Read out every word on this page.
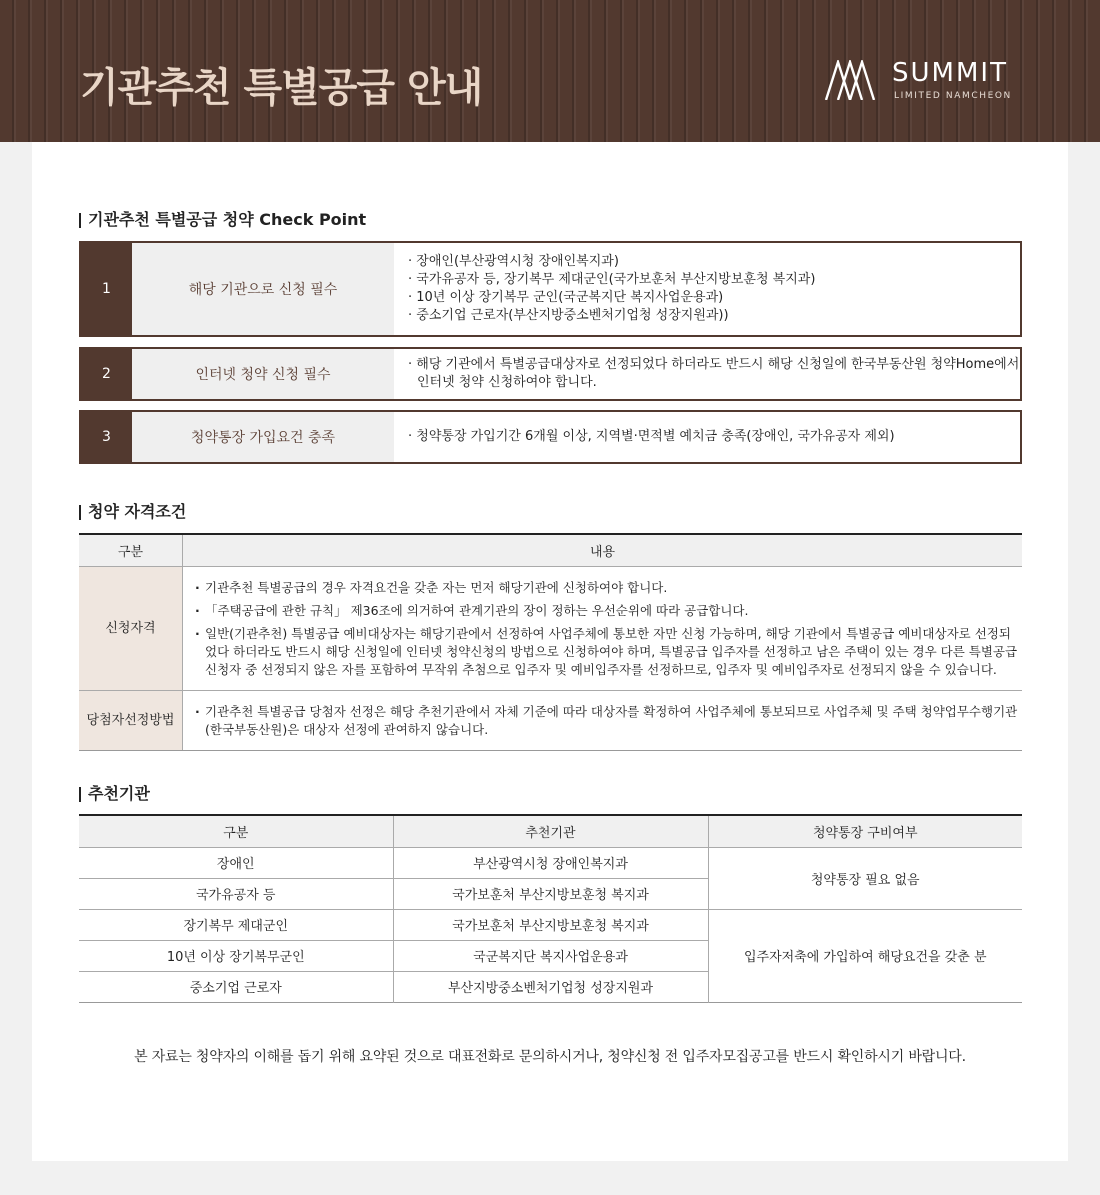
기관추천 특별공급 안내	SUMMIT
LIMITED NAMCHEON
기관추천 특별공급 청약 Check Point
1	해당 기관으로 신청 필수
· 장애인(부산광역시청 장애인복지과)
· 국가유공자 등, 장기복무 제대군인(국가보훈처 부산지방보훈청 복지과)
· 10년 이상 장기복무 군인(국군복지단 복지사업운용과)
· 중소기업 근로자(부산지방중소벤처기업청 성장지원과))
2	인터넷 청약 신청 필수
· 해당 기관에서 특별공급대상자로 선정되었다 하더라도 반드시 해당 신청일에 한국부동산원 청약Home에서
인터넷 청약 신청하여야 합니다.
3	청약통장 가입요건 충족	· 청약통장 가입기간 6개월 이상, 지역별·면적별 예치금 충족(장애인, 국가유공자 제외)
청약 자격조건
구분	내용
신청자격
· 기관추천 특별공급의 경우 자격요건을 갖춘 자는 먼저 해당기관에 신청하여야 합니다.
· 「주택공급에 관한 규칙」 제36조에 의거하여 관계기관의 장이 정하는 우선순위에 따라 공급합니다.
· 일반(기관추천) 특별공급 예비대상자는 해당기관에서 선정하여 사업주체에 통보한 자만 신청 가능하며, 해당 기관에서 특별공급 예비대상자로 선정되었다 하더라도 반드시 해당 신청일에 인터넷 청약신청의 방법으로 신청하여야 하며, 특별공급 입주자를 선정하고 남은 주택이 있는 경우 다른 특별공급 신청자 중 선정되지 않은 자를 포함하여 무작위 추첨으로 입주자 및 예비입주자를 선정하므로, 입주자 및 예비입주자로 선정되지 않을 수 있습니다.
당첨자 선정방법
· 기관추천 특별공급 당첨자 선정은 해당 추천기관에서 자체 기준에 따라 대상자를 확정하여 사업주체에 통보되므로 사업주체 및 주택 청약업무수행기관(한국부동산원)은 대상자 선정에 관여하지 않습니다.
추천기관
구분	추천기관	청약통장 구비여부
장애인	부산광역시청 장애인복지과	청약통장 필요 없음
국가유공자 등	국가보훈처 부산지방보훈청 복지과	
장기복무 제대군인	국가보훈처 부산지방보훈청 복지과	입주자저축에 가입하여 해당요건을 갖춘 분
10년 이상 장기복무군인	국군복지단 복지사업운용과	
중소기업 근로자	부산지방중소벤처기업청 성장지원과	
본 자료는 청약자의 이해를 돕기 위해 요약된 것으로 대표전화로 문의하시거나, 청약신청 전 입주자모집공고를 반드시 확인하시기 바랍니다.
